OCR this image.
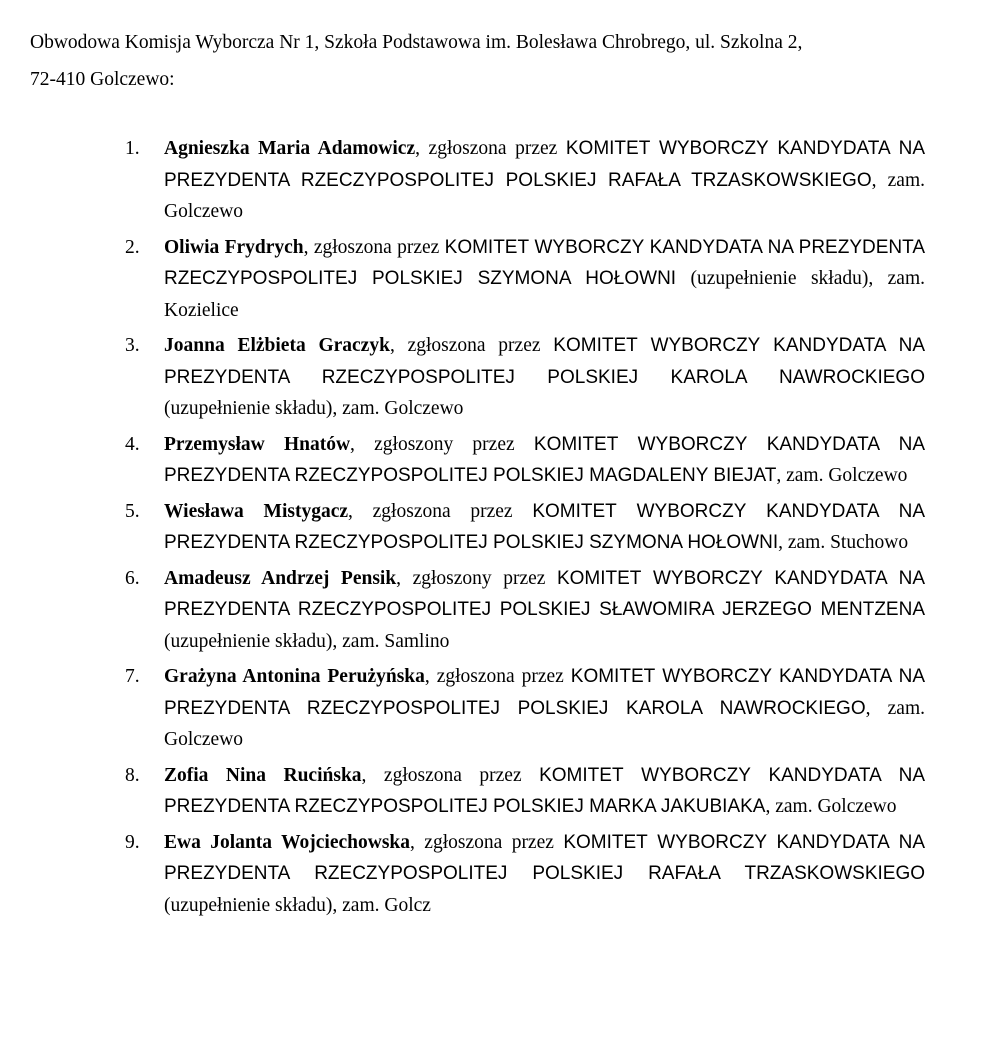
Obwodowa Komisja Wyborcza Nr 1, Szkoła Podstawowa im. Bolesława Chrobrego, ul. Szkolna 2,
72-410 Golczewo:
1. Agnieszka Maria Adamowicz, zgłoszona przez KOMITET WYBORCZY KANDYDATA NA PREZYDENTA RZECZYPOSPOLITEJ POLSKIEJ RAFAŁA TRZASKOWSKIEGO, zam. Golczewo
2. Oliwia Frydrych, zgłoszona przez KOMITET WYBORCZY KANDYDATA NA PREZYDENTA RZECZYPOSPOLITEJ POLSKIEJ SZYMONA HOŁOWNI (uzupełnienie składu), zam. Kozielice
3. Joanna Elżbieta Graczyk, zgłoszona przez KOMITET WYBORCZY KANDYDATA NA PREZYDENTA RZECZYPOSPOLITEJ POLSKIEJ KAROLA NAWROCKIEGO (uzupełnienie składu), zam. Golczewo
4. Przemysław Hnatów, zgłoszony przez KOMITET WYBORCZY KANDYDATA NA PREZYDENTA RZECZYPOSPOLITEJ POLSKIEJ MAGDALENY BIEJAT, zam. Golczewo
5. Wiesława Mistygacz, zgłoszona przez KOMITET WYBORCZY KANDYDATA NA PREZYDENTA RZECZYPOSPOLITEJ POLSKIEJ SZYMONA HOŁOWNI, zam. Stuchowo
6. Amadeusz Andrzej Pensik, zgłoszony przez KOMITET WYBORCZY KANDYDATA NA PREZYDENTA RZECZYPOSPOLITEJ POLSKIEJ SŁAWOMIRA JERZEGO MENTZENA (uzupełnienie składu), zam. Samlino
7. Grażyna Antonina Perużyńska, zgłoszona przez KOMITET WYBORCZY KANDYDATA NA PREZYDENTA RZECZYPOSPOLITEJ POLSKIEJ KAROLA NAWROCKIEGO, zam. Golczewo
8. Zofia Nina Rucińska, zgłoszona przez KOMITET WYBORCZY KANDYDATA NA PREZYDENTA RZECZYPOSPOLITEJ POLSKIEJ MARKA JAKUBIAKA, zam. Golczewo
9. Ewa Jolanta Wojciechowska, zgłoszona przez KOMITET WYBORCZY KANDYDATA NA PREZYDENTA RZECZYPOSPOLITEJ POLSKIEJ RAFAŁA TRZASKOWSKIEGO (uzupełnienie składu), zam. Golcz
